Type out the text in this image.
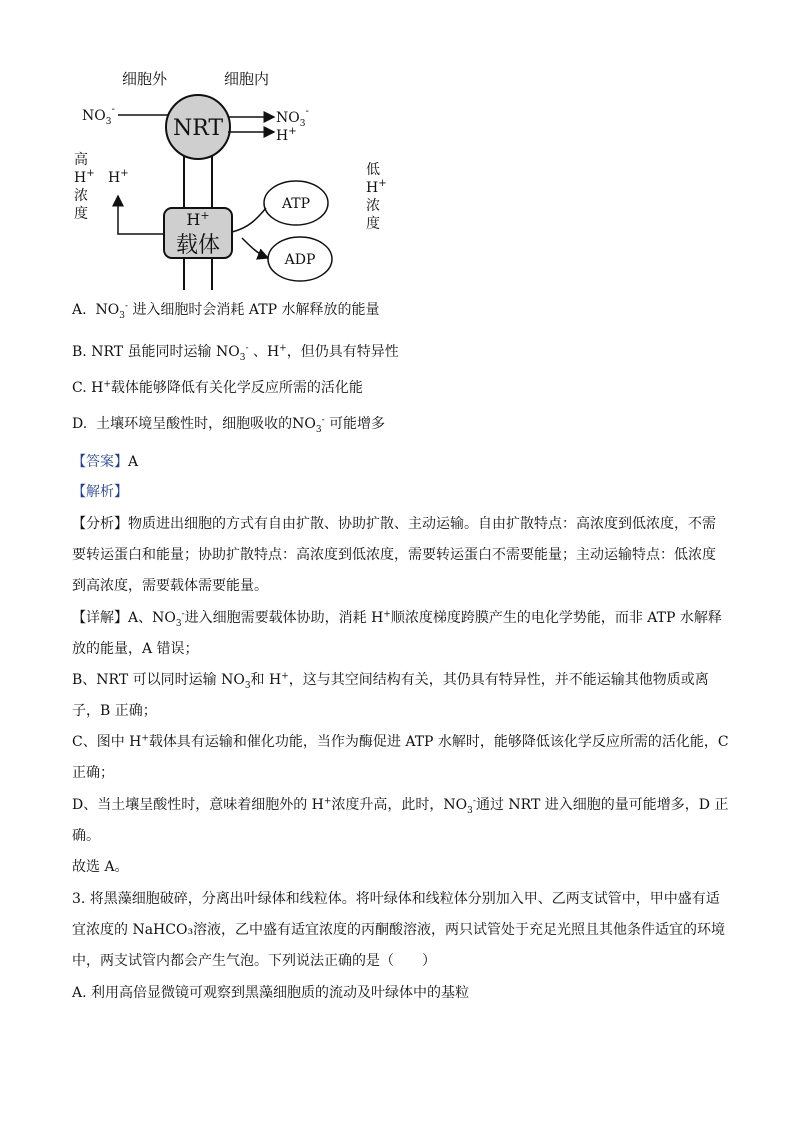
细胞外	细胞内
$NO_3^-$
NRT	$NO_3^-$
H+
高
H+
浓
度
H+
H+
载体
ATP
ADP
低
H+
浓
度
A. $NO_3^-$ 进入细胞时会消耗 ATP 水解释放的能量
B. NRT 虽能同时运输 $NO_3^-$ 、H+，但仍具有特异性
C. H+载体能够降低有关化学反应所需的活化能
D. 土壤环境呈酸性时，细胞吸收的$NO_3^-$ 可能增多
【答案】A
【解析】
【分析】物质进出细胞的方式有自由扩散、协助扩散、主动运输。自由扩散特点：高浓度到低浓度，不需
要转运蛋白和能量；协助扩散特点：高浓度到低浓度，需要转运蛋白不需要能量；主动运输特点：低浓度
到高浓度，需要载体需要能量。
【详解】A、$NO_3^-$进入细胞需要载体协助，消耗 H+顺浓度梯度跨膜产生的电化学势能，而非 ATP 水解释
放的能量，A 错误；
B、NRT 可以同时运输 $NO_3$和 H+，这与其空间结构有关，其仍具有特异性，并不能运输其他物质或离
子，B 正确；
C、图中 H+载体具有运输和催化功能，当作为酶促进 ATP 水解时，能够降低该化学反应所需的活化能，C
正确；
D、当土壤呈酸性时，意味着细胞外的 H+浓度升高，此时，$NO_3^-$通过 NRT 进入细胞的量可能增多，D 正
确。
故选 A。
3. 将黑藻细胞破碎，分离出叶绿体和线粒体。将叶绿体和线粒体分别加入甲、乙两支试管中，甲中盛有适
宜浓度的 NaHCO₃溶液，乙中盛有适宜浓度的丙酮酸溶液，两只试管处于充足光照且其他条件适宜的环境
中，两支试管内都会产生气泡。下列说法正确的是（　　）
A. 利用高倍显微镜可观察到黑藻细胞质的流动及叶绿体中的基粒
